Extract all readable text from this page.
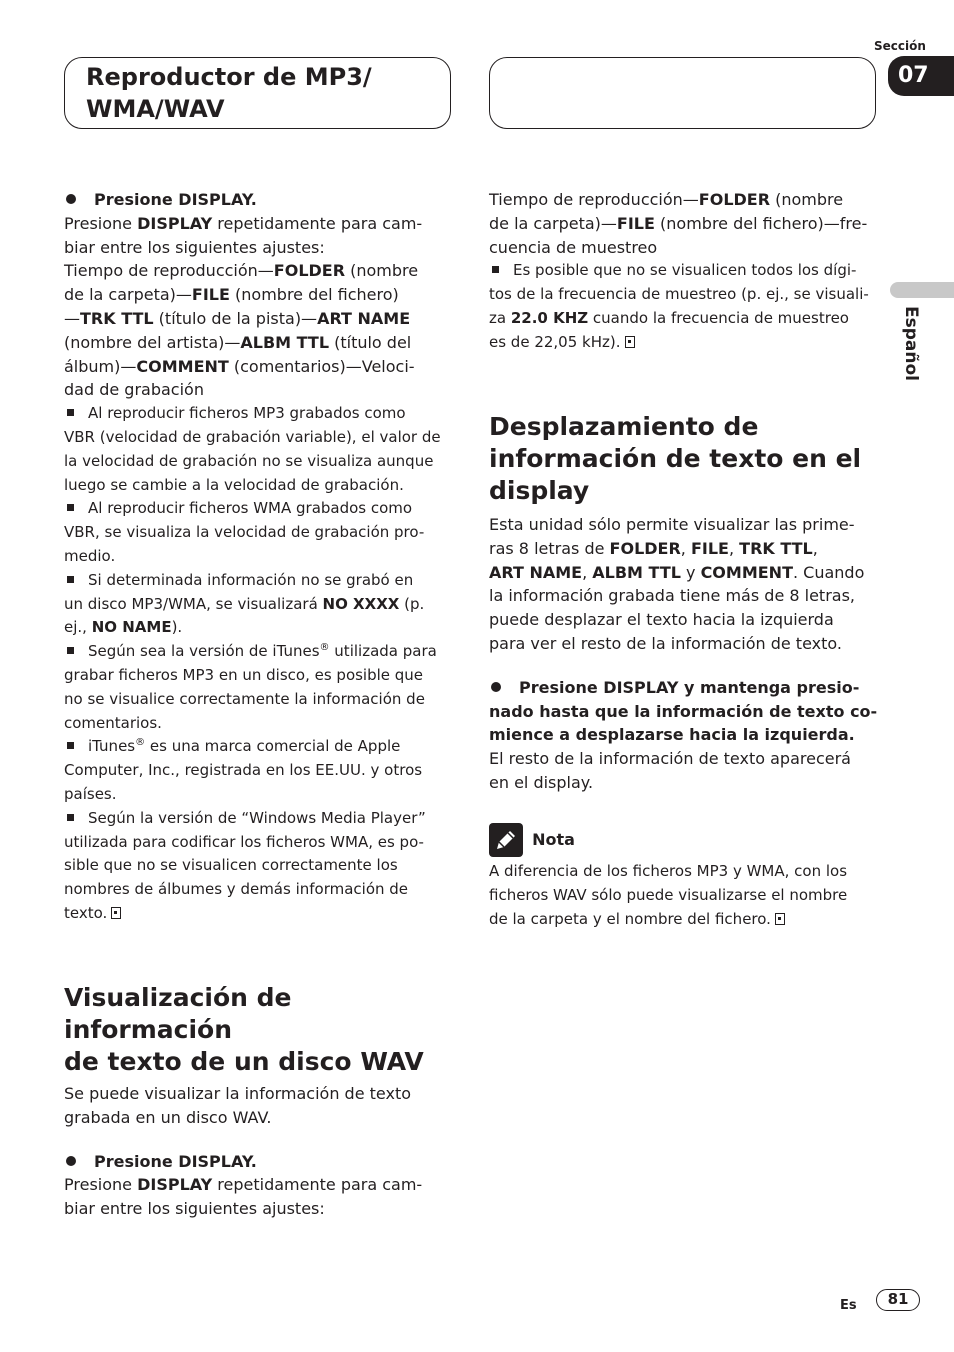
Reproductor de MP3/
WMA/WAV
Sección
07
Español

Presione DISPLAY.

Presione DISPLAY repetidamente para cam-
biar entre los siguientes ajustes:

Tiempo de reproducción—FOLDER (nombre
de la carpeta)—FILE (nombre del fichero)
—TRK TTL (título de la pista)—ART NAME
(nombre del artista)—ALBM TTL (título del
álbum)—COMMENT (comentarios)—Veloci-
dad de grabación

Al reproducir ficheros MP3 grabados como
VBR (velocidad de grabación variable), el valor de
la velocidad de grabación no se visualiza aunque
luego se cambie a la velocidad de grabación.

Al reproducir ficheros WMA grabados como
VBR, se visualiza la velocidad de grabación pro-
medio.

Si determinada información no se grabó en
un disco MP3/WMA, se visualizará NO XXXX (p.
ej., NO NAME).

Según sea la versión de iTunes® utilizada para
grabar ficheros MP3 en un disco, es posible que
no se visualice correctamente la información de
comentarios.

iTunes® es una marca comercial de Apple
Computer, Inc., registrada en los EE.UU. y otros
países.

Según la versión de “Windows Media Player”
utilizada para codificar los ficheros WMA, es po-
sible que no se visualicen correctamente los
nombres de álbumes y demás información de
texto.

Visualización de información
de texto de un disco WAV

Se puede visualizar la información de texto
grabada en un disco WAV.

Presione DISPLAY.

Presione DISPLAY repetidamente para cam-
biar entre los siguientes ajustes:

Tiempo de reproducción—FOLDER (nombre
de la carpeta)—FILE (nombre del fichero)—fre-
cuencia de muestreo

Es posible que no se visualicen todos los dígi-
tos de la frecuencia de muestreo (p. ej., se visuali-
za 22.0 KHZ cuando la frecuencia de muestreo
es de 22,05 kHz).

Desplazamiento de
información de texto en el
display

Esta unidad sólo permite visualizar las prime-
ras 8 letras de FOLDER, FILE, TRK TTL,
ART NAME, ALBM TTL y COMMENT. Cuando
la información grabada tiene más de 8 letras,
puede desplazar el texto hacia la izquierda
para ver el resto de la información de texto.

Presione DISPLAY y mantenga presio-
nado hasta que la información de texto co-
mience a desplazarse hacia la izquierda.

El resto de la información de texto aparecerá
en el display.

Nota

A diferencia de los ficheros MP3 y WMA, con los
ficheros WAV sólo puede visualizarse el nombre
de la carpeta y el nombre del fichero.

Es	81
